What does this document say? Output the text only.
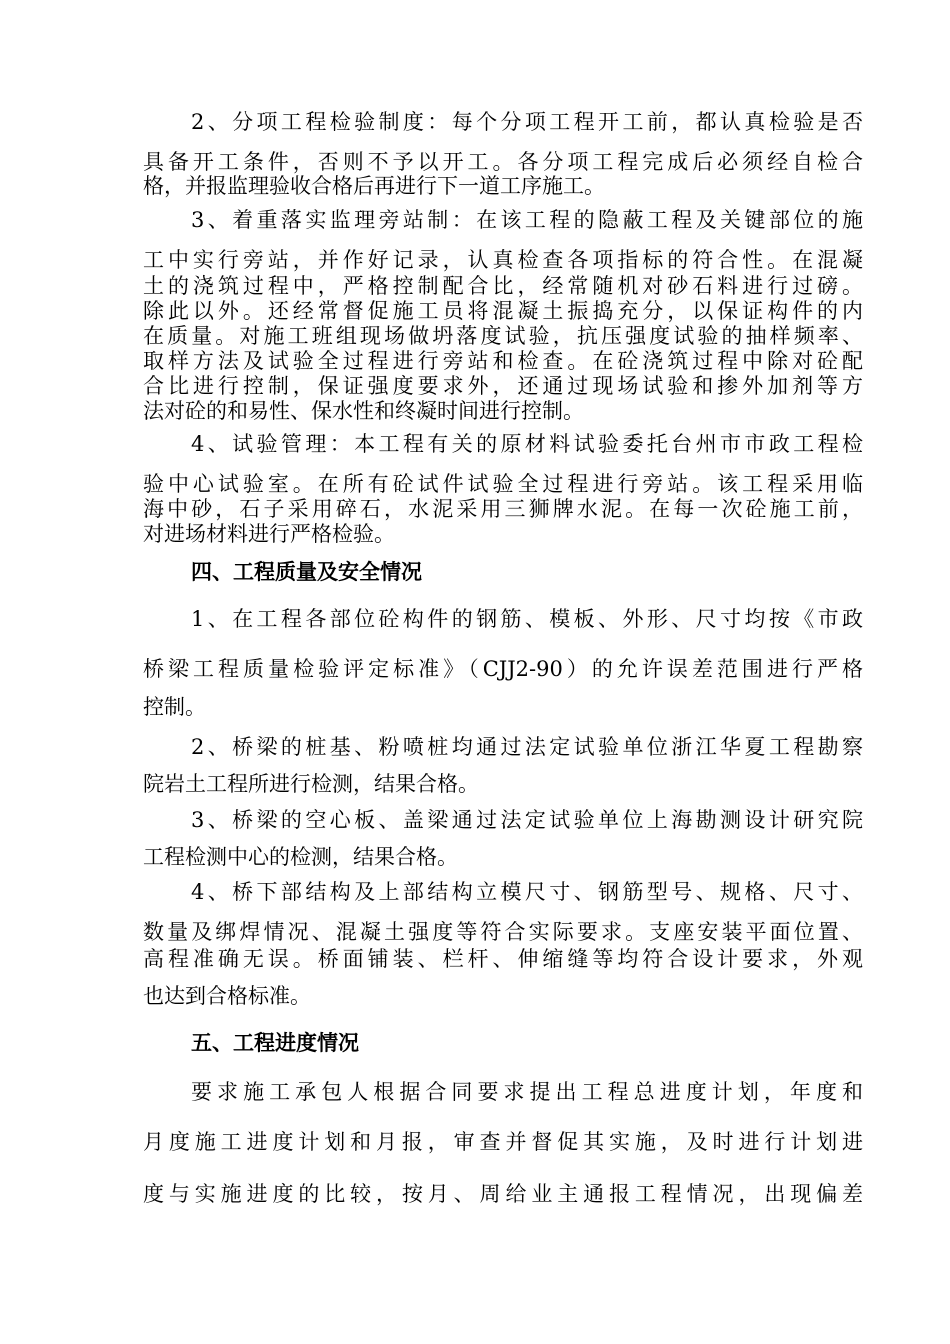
2、分项工程检验制度：每个分项工程开工前，都认真检验是否
具备开工条件，否则不予以开工。各分项工程完成后必须经自检合
格，并报监理验收合格后再进行下一道工序施工。
3、着重落实监理旁站制：在该工程的隐蔽工程及关键部位的施
工中实行旁站，并作好记录，认真检查各项指标的符合性。在混凝
土的浇筑过程中，严格控制配合比，经常随机对砂石料进行过磅。
除此以外。还经常督促施工员将混凝土振捣充分，以保证构件的内
在质量。对施工班组现场做坍落度试验，抗压强度试验的抽样频率、
取样方法及试验全过程进行旁站和检查。在砼浇筑过程中除对砼配
合比进行控制，保证强度要求外，还通过现场试验和掺外加剂等方
法对砼的和易性、保水性和终凝时间进行控制。
4、试验管理：本工程有关的原材料试验委托台州市市政工程检
验中心试验室。在所有砼试件试验全过程进行旁站。该工程采用临
海中砂，石子采用碎石，水泥采用三狮牌水泥。在每一次砼施工前，
对进场材料进行严格检验。
四、工程质量及安全情况
1、在工程各部位砼构件的钢筋、模板、外形、尺寸均按《市政
桥梁工程质量检验评定标准》（CJJ2-90）的允许误差范围进行严格
控制。
2、桥梁的桩基、粉喷桩均通过法定试验单位浙江华夏工程勘察
院岩土工程所进行检测，结果合格。
3、桥梁的空心板、盖梁通过法定试验单位上海勘测设计研究院
工程检测中心的检测，结果合格。
4、桥下部结构及上部结构立模尺寸、钢筋型号、规格、尺寸、
数量及绑焊情况、混凝土强度等符合实际要求。支座安装平面位置、
高程准确无误。桥面铺装、栏杆、伸缩缝等均符合设计要求，外观
也达到合格标准。
五、工程进度情况
要求施工承包人根据合同要求提出工程总进度计划，年度和
月度施工进度计划和月报，审查并督促其实施，及时进行计划进
度与实施进度的比较，按月、周给业主通报工程情况，出现偏差
